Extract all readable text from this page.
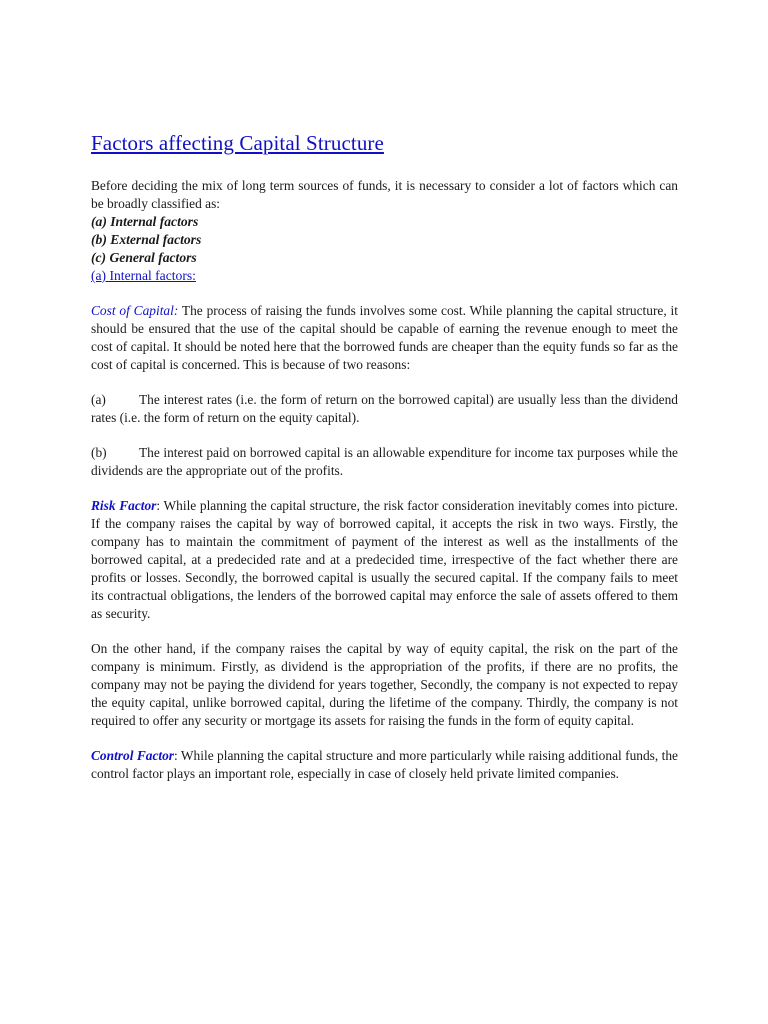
Factors affecting Capital Structure

Before deciding the mix of long term sources of funds, it is necessary to consider a lot of factors which can be broadly classified as:

(a) Internal factors

(b) External factors

(c) General factors

(a) Internal factors:

Cost of Capital: The process of raising the funds involves some cost. While planning the capital structure, it should be ensured that the use of the capital should be capable of earning the revenue enough to meet the cost of capital. It should be noted here that the borrowed funds are cheaper than the equity funds so far as the cost of capital is concerned. This is because of two reasons:

(a) The interest rates (i.e. the form of return on the borrowed capital) are usually less than the dividend rates (i.e. the form of return on the equity capital).

(b) The interest paid on borrowed capital is an allowable expenditure for income tax purposes while the dividends are the appropriate out of the profits.

Risk Factor: While planning the capital structure, the risk factor consideration inevitably comes into picture. If the company raises the capital by way of borrowed capital, it accepts the risk in two ways. Firstly, the company has to maintain the commitment of payment of the interest as well as the installments of the borrowed capital, at a predecided rate and at a predecided time, irrespective of the fact whether there are profits or losses. Secondly, the borrowed capital is usually the secured capital. If the company fails to meet its contractual obligations, the lenders of the borrowed capital may enforce the sale of assets offered to them as security.

On the other hand, if the company raises the capital by way of equity capital, the risk on the part of the company is minimum. Firstly, as dividend is the appropriation of the profits, if there are no profits, the company may not be paying the dividend for years together, Secondly, the company is not expected to repay the equity capital, unlike borrowed capital, during the lifetime of the company. Thirdly, the company is not required to offer any security or mortgage its assets for raising the funds in the form of equity capital.

Control Factor: While planning the capital structure and more particularly while raising additional funds, the control factor plays an important role, especially in case of closely held private limited companies.
